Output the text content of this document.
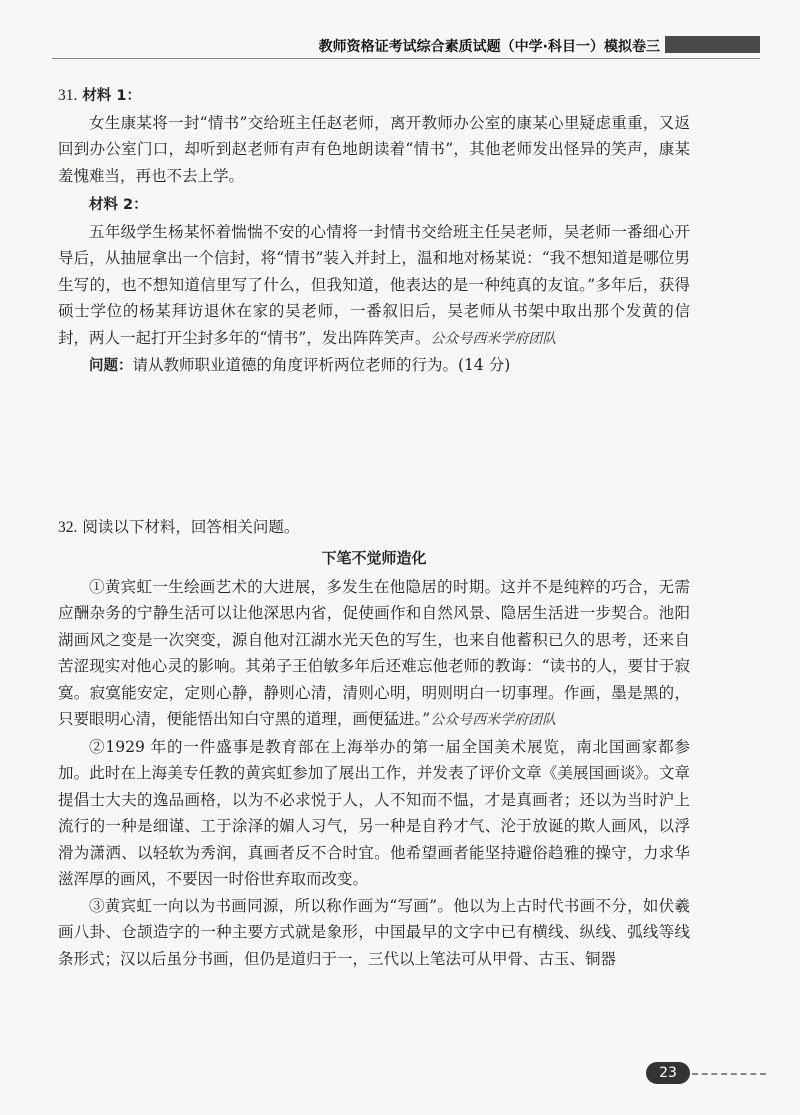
教师资格证考试综合素质试题（中学·科目一）模拟卷三

31. 材料 1：

女生康某将一封“情书”交给班主任赵老师，离开教师办公室的康某心里疑虑重重，又返回到办公室门口，却听到赵老师有声有色地朗读着“情书”，其他老师发出怪异的笑声，康某羞愧难当，再也不去上学。

材料 2：

五年级学生杨某怀着惴惴不安的心情将一封情书交给班主任吴老师，吴老师一番细心开导后，从抽屉拿出一个信封，将“情书”装入并封上，温和地对杨某说：“我不想知道是哪位男生写的，也不想知道信里写了什么，但我知道，他表达的是一种纯真的友谊。”多年后，获得硕士学位的杨某拜访退休在家的吴老师，一番叙旧后，吴老师从书架中取出那个发黄的信封，两人一起打开尘封多年的“情书”，发出阵阵笑声。公众号西米学府团队

问题：请从教师职业道德的角度评析两位老师的行为。(14 分)

32. 阅读以下材料，回答相关问题。

下笔不觉师造化

①黄宾虹一生绘画艺术的大进展，多发生在他隐居的时期。这并不是纯粹的巧合，无需应酬杂务的宁静生活可以让他深思内省，促使画作和自然风景、隐居生活进一步契合。池阳湖画风之变是一次突变，源自他对江湖水光天色的写生，也来自他蓄积已久的思考，还来自苦涩现实对他心灵的影响。其弟子王伯敏多年后还难忘他老师的教诲：“读书的人，要甘于寂寞。寂寞能安定，定则心静，静则心清，清则心明，明则明白一切事理。作画，墨是黑的，只要眼明心清，便能悟出知白守黑的道理，画便猛进。”公众号西米学府团队

②1929 年的一件盛事是教育部在上海举办的第一届全国美术展览，南北国画家都参加。此时在上海美专任教的黄宾虹参加了展出工作，并发表了评价文章《美展国画谈》。文章提倡士大夫的逸品画格，以为不必求悦于人，人不知而不愠，才是真画者；还以为当时沪上流行的一种是细谨、工于涂泽的媚人习气，另一种是自矜才气、沦于放诞的欺人画风，以浮滑为潇洒、以轻软为秀润，真画者反不合时宜。他希望画者能坚持避俗趋雅的操守，力求华滋浑厚的画风，不要因一时俗世弃取而改变。

③黄宾虹一向以为书画同源，所以称作画为“写画”。他以为上古时代书画不分，如伏羲画八卦、仓颉造字的一种主要方式就是象形，中国最早的文字中已有横线、纵线、弧线等线条形式；汉以后虽分书画，但仍是道归于一，三代以上笔法可从甲骨、古玉、铜器

23
